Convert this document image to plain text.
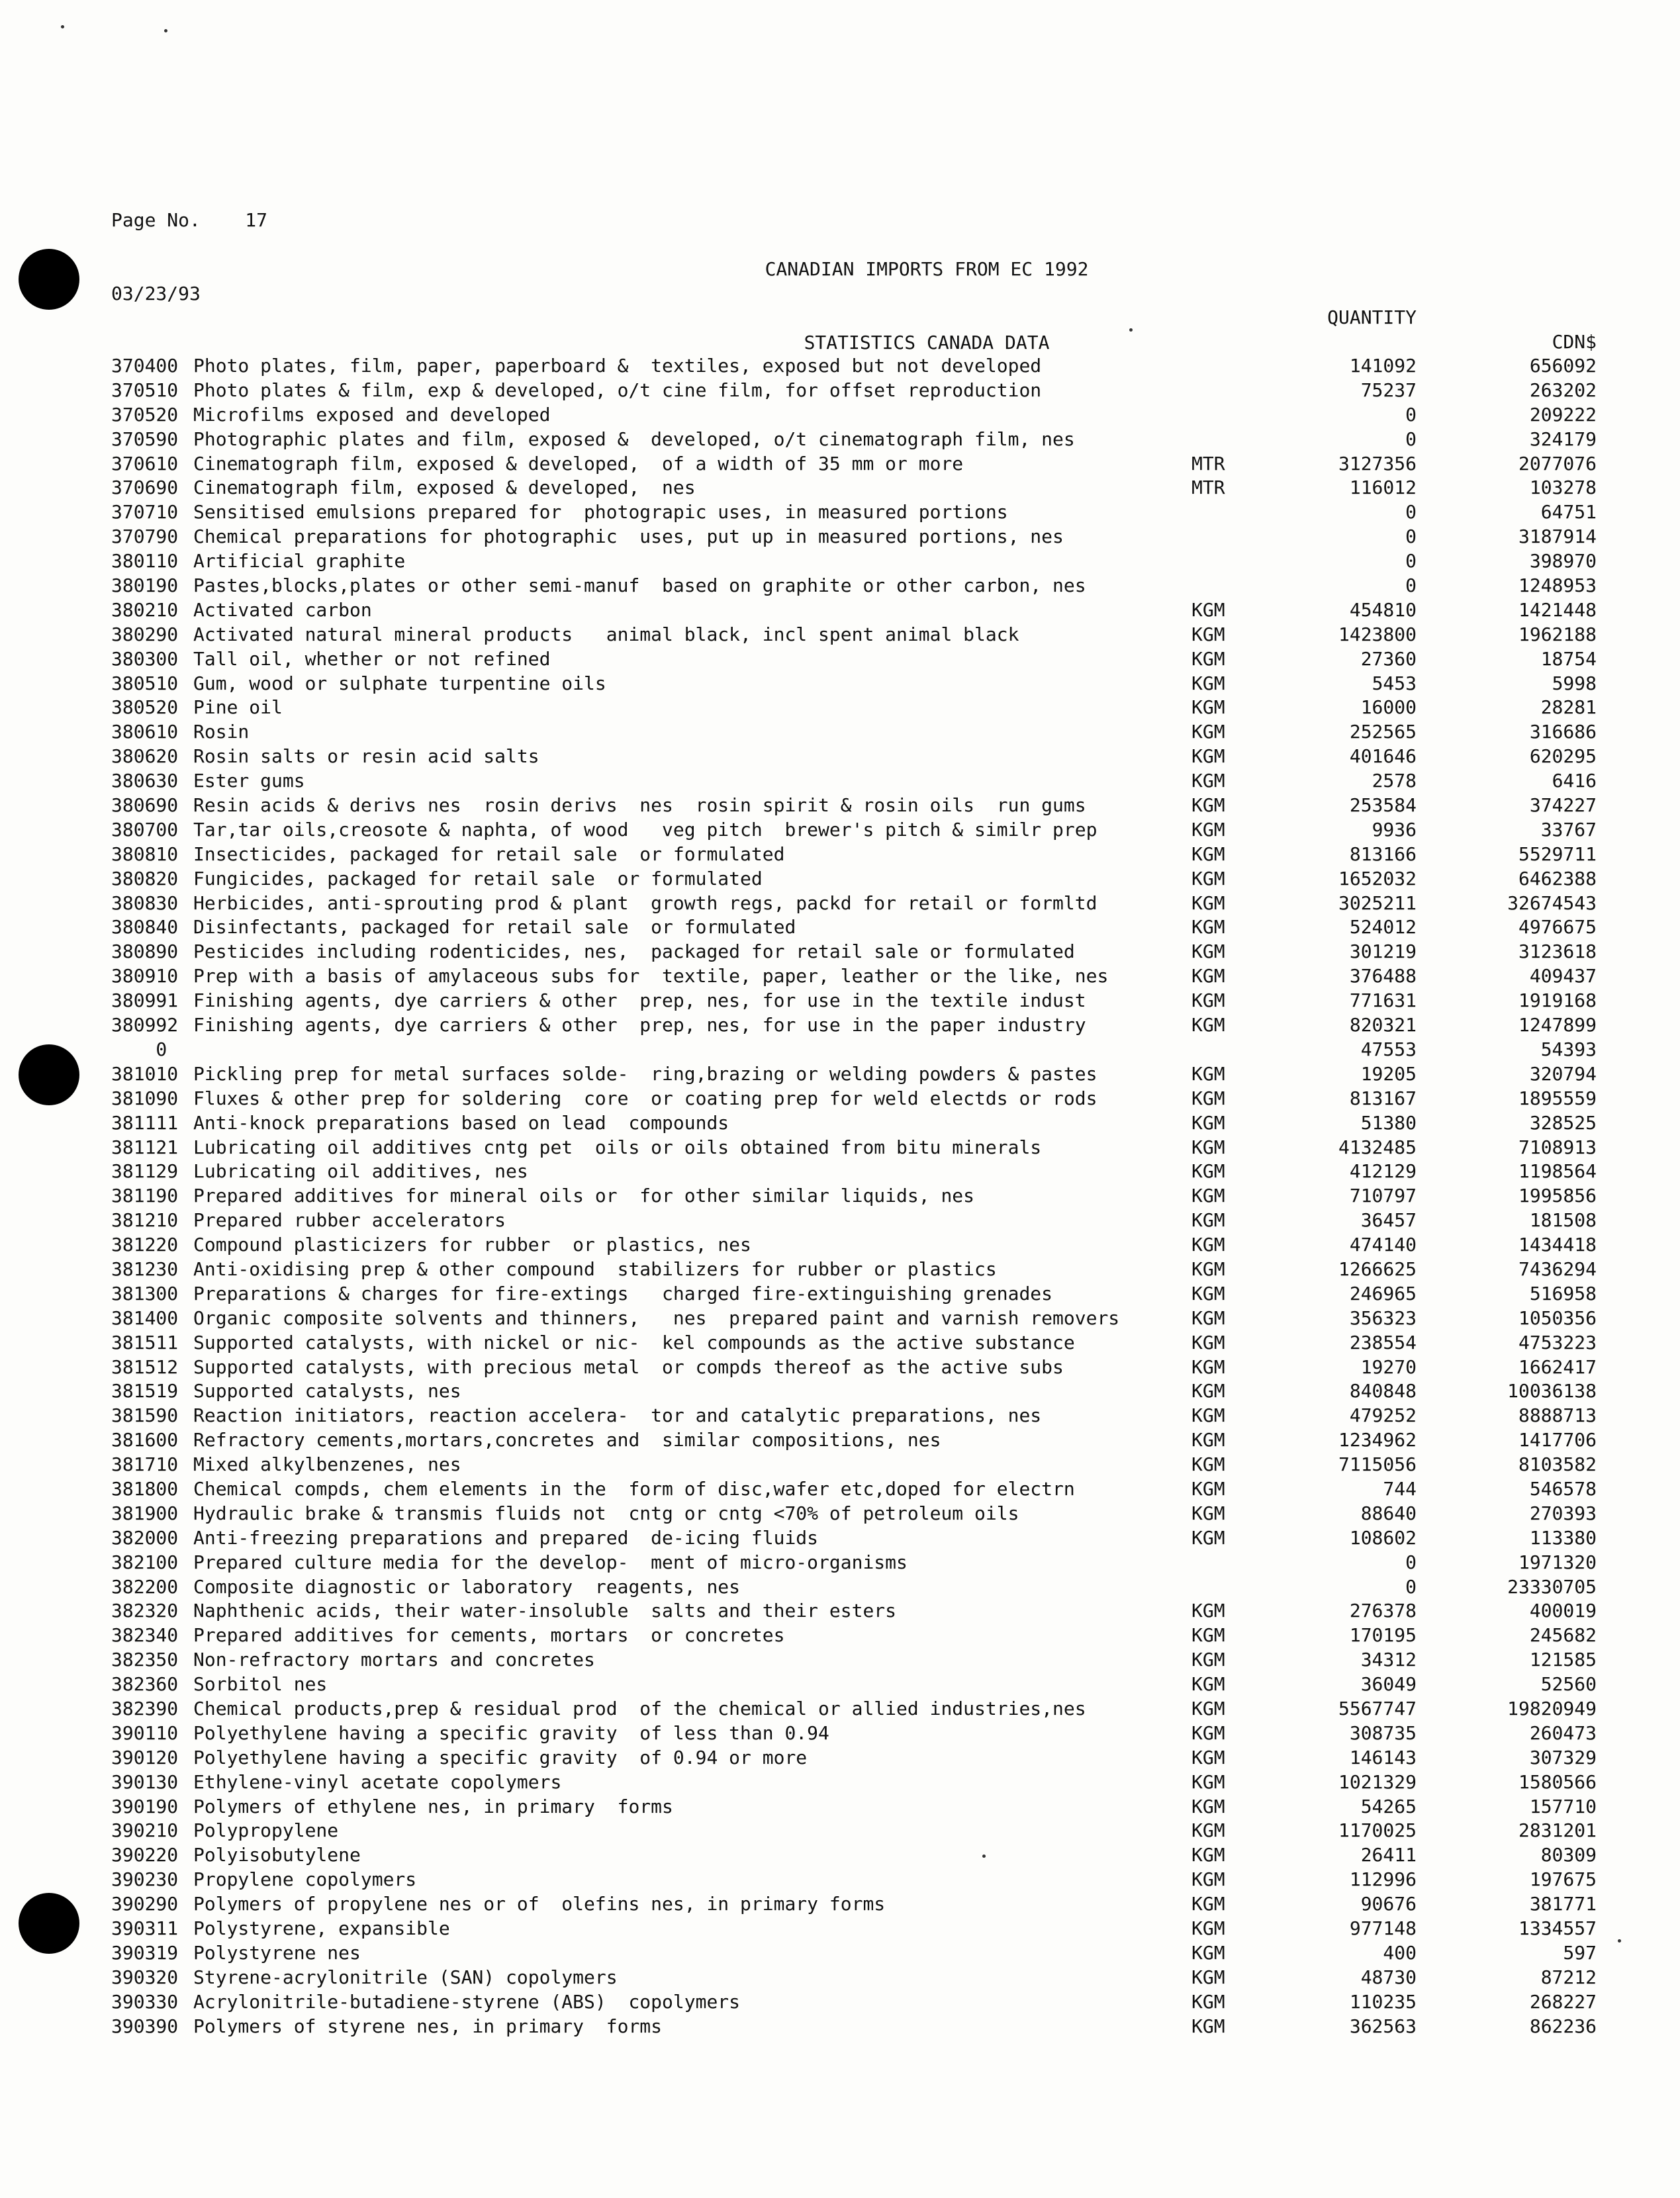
Page No. 17

03/23/93

CANADIAN IMPORTS FROM EC 1992

STATISTICS CANADA DATA

QUANTITY

CDN$

370400 Photo plates, film, paper, paperboard &  textiles, exposed but not developed	141092	656092
370510 Photo plates & film, exp & developed, o/t cine film, for offset reproduction	75237	263202
370520 Microfilms exposed and developed	0	209222
370590 Photographic plates and film, exposed &  developed, o/t cinematograph film, nes	0	324179
370610 Cinematograph film, exposed & developed,  of a width of 35 mm or more	MTR	3127356	2077076
370690 Cinematograph film, exposed & developed,  nes	MTR	116012	103278
370710 Sensitised emulsions prepared for  photograpic uses, in measured portions	0	64751
370790 Chemical preparations for photographic  uses, put up in measured portions, nes	0	3187914
380110 Artificial graphite	0	398970
380190 Pastes,blocks,plates or other semi-manuf  based on graphite or other carbon, nes	0	1248953
380210 Activated carbon	KGM	454810	1421448
380290 Activated natural mineral products   animal black, incl spent animal black	KGM	1423800	1962188
380300 Tall oil, whether or not refined	KGM	27360	18754
380510 Gum, wood or sulphate turpentine oils	KGM	5453	5998
380520 Pine oil	KGM	16000	28281
380610 Rosin	KGM	252565	316686
380620 Rosin salts or resin acid salts	KGM	401646	620295
380630 Ester gums	KGM	2578	6416
380690 Resin acids & derivs nes  rosin derivs  nes  rosin spirit & rosin oils  run gums	KGM	253584	374227
380700 Tar,tar oils,creosote & naphta, of wood   veg pitch  brewer's pitch & similr prep	KGM	9936	33767
380810 Insecticides, packaged for retail sale  or formulated	KGM	813166	5529711
380820 Fungicides, packaged for retail sale  or formulated	KGM	1652032	6462388
380830 Herbicides, anti-sprouting prod & plant  growth regs, packd for retail or formltd	KGM	3025211	32674543
380840 Disinfectants, packaged for retail sale  or formulated	KGM	524012	4976675
380890 Pesticides including rodenticides, nes,  packaged for retail sale or formulated	KGM	301219	3123618
380910 Prep with a basis of amylaceous subs for  textile, paper, leather or the like, nes	KGM	376488	409437
380991 Finishing agents, dye carriers & other  prep, nes, for use in the textile indust	KGM	771631	1919168
380992 Finishing agents, dye carriers & other  prep, nes, for use in the paper industry	KGM	820321	1247899
0	47553	54393
381010 Pickling prep for metal surfaces solde-  ring,brazing or welding powders & pastes	KGM	19205	320794
381090 Fluxes & other prep for soldering  core  or coating prep for weld electds or rods	KGM	813167	1895559
381111 Anti-knock preparations based on lead  compounds	KGM	51380	328525
381121 Lubricating oil additives cntg pet  oils or oils obtained from bitu minerals	KGM	4132485	7108913
381129 Lubricating oil additives, nes	KGM	412129	1198564
381190 Prepared additives for mineral oils or  for other similar liquids, nes	KGM	710797	1995856
381210 Prepared rubber accelerators	KGM	36457	181508
381220 Compound plasticizers for rubber  or plastics, nes	KGM	474140	1434418
381230 Anti-oxidising prep & other compound  stabilizers for rubber or plastics	KGM	1266625	7436294
381300 Preparations & charges for fire-extings   charged fire-extinguishing grenades	KGM	246965	516958
381400 Organic composite solvents and thinners,   nes  prepared paint and varnish removers	KGM	356323	1050356
381511 Supported catalysts, with nickel or nic-  kel compounds as the active substance	KGM	238554	4753223
381512 Supported catalysts, with precious metal  or compds thereof as the active subs	KGM	19270	1662417
381519 Supported catalysts, nes	KGM	840848	10036138
381590 Reaction initiators, reaction accelera-  tor and catalytic preparations, nes	KGM	479252	8888713
381600 Refractory cements,mortars,concretes and  similar compositions, nes	KGM	1234962	1417706
381710 Mixed alkylbenzenes, nes	KGM	7115056	8103582
381800 Chemical compds, chem elements in the  form of disc,wafer etc,doped for electrn	KGM	744	546578
381900 Hydraulic brake & transmis fluids not  cntg or cntg <70% of petroleum oils	KGM	88640	270393
382000 Anti-freezing preparations and prepared  de-icing fluids	KGM	108602	113380
382100 Prepared culture media for the develop-  ment of micro-organisms	0	1971320
382200 Composite diagnostic or laboratory  reagents, nes	0	23330705
382320 Naphthenic acids, their water-insoluble  salts and their esters	KGM	276378	400019
382340 Prepared additives for cements, mortars  or concretes	KGM	170195	245682
382350 Non-refractory mortars and concretes	KGM	34312	121585
382360 Sorbitol nes	KGM	36049	52560
382390 Chemical products,prep & residual prod  of the chemical or allied industries,nes	KGM	5567747	19820949
390110 Polyethylene having a specific gravity  of less than 0.94	KGM	308735	260473
390120 Polyethylene having a specific gravity  of 0.94 or more	KGM	146143	307329
390130 Ethylene-vinyl acetate copolymers	KGM	1021329	1580566
390190 Polymers of ethylene nes, in primary  forms	KGM	54265	157710
390210 Polypropylene	KGM	1170025	2831201
390220 Polyisobutylene	KGM	26411	80309
390230 Propylene copolymers	KGM	112996	197675
390290 Polymers of propylene nes or of  olefins nes, in primary forms	KGM	90676	381771
390311 Polystyrene, expansible	KGM	977148	1334557
390319 Polystyrene nes	KGM	400	597
390320 Styrene-acrylonitrile (SAN) copolymers	KGM	48730	87212
390330 Acrylonitrile-butadiene-styrene (ABS)  copolymers	KGM	110235	268227
390390 Polymers of styrene nes, in primary  forms	KGM	362563	862236
